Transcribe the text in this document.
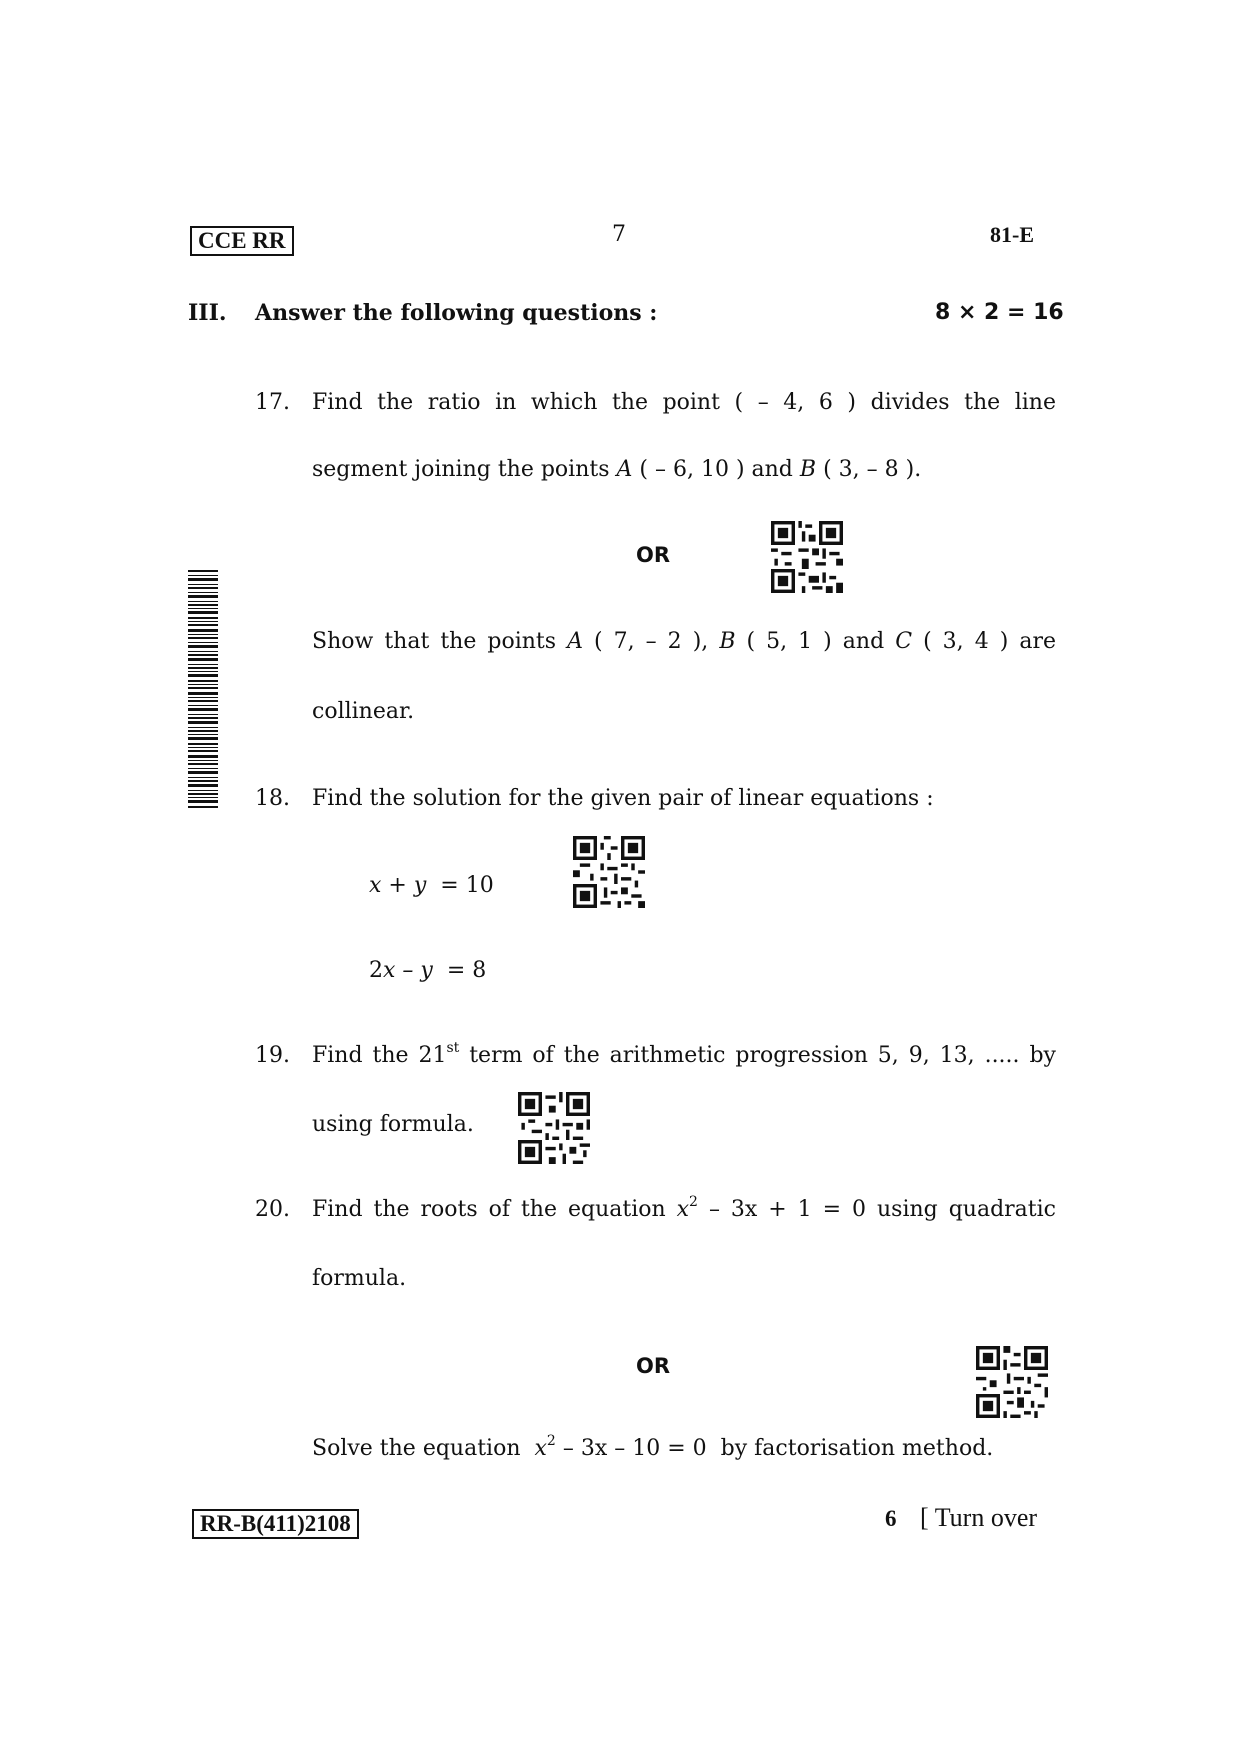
CCE RR	7	81-E
III. Answer the following questions :	8 × 2 = 16
17.	Find the ratio in which the point ( – 4, 6 ) divides the line
segment joining the points A ( – 6, 10 ) and B ( 3, – 8 ).
OR
Show that the points A ( 7, – 2 ), B ( 5, 1 ) and C ( 3, 4 ) are
collinear.
18.	Find the solution for the given pair of linear equations :
x + y = 10
2x – y = 8
19.	Find the 21st term of the arithmetic progression 5, 9, 13, ..... by
using formula.
20.	Find the roots of the equation $x^2 - 3x + 1 = 0$ using quadratic
formula.
OR
Solve the equation $x^2 - 3x - 10 = 0$ by factorisation method.
RR-B(411)2108	6 [ Turn over
